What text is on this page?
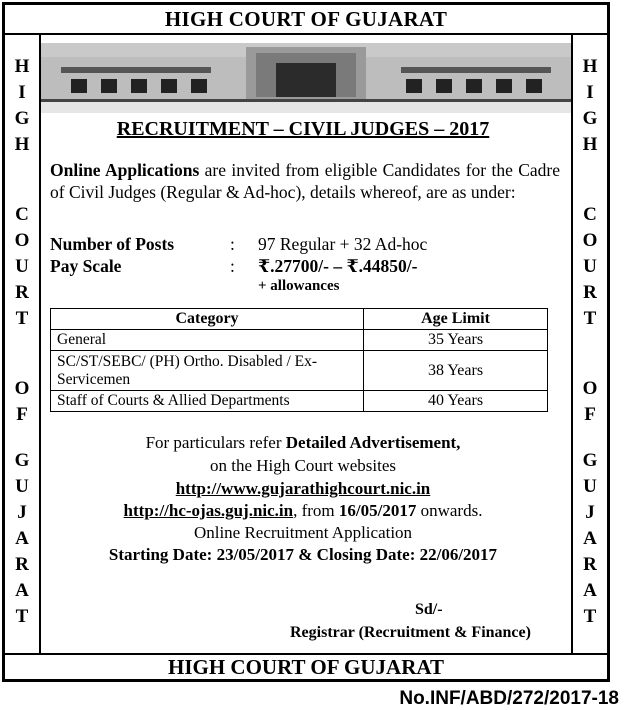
HIGH COURT OF GUJARAT
H
I
G
H
C
O
U
R
T
O
F
G
U
J
A
R
A
T
H
I
G
H
C
O
U
R
T
O
F
G
U
J
A
R
A
T
RECRUITMENT – CIVIL JUDGES – 2017
Online Applications are invited from eligible Candidates for the Cadre of Civil Judges (Regular & Ad-hoc), details whereof, are as under:
Number of Posts	: 97 Regular + 32 Ad-hoc
Pay Scale	: ₹.27700/- – ₹.44850/-
+ allowances
Category	Age Limit
General	35 Years
SC/ST/SEBC/ (PH) Ortho. Disabled / Ex-Servicemen	38 Years
Staff of Courts & Allied Departments	40 Years
For particulars refer Detailed Advertisement,
on the High Court websites
http://www.gujarathighcourt.nic.in
http://hc-ojas.guj.nic.in, from 16/05/2017 onwards.
Online Recruitment Application
Starting Date: 23/05/2017 & Closing Date: 22/06/2017
Sd/-
Registrar (Recruitment & Finance)
HIGH COURT OF GUJARAT
No.INF/ABD/272/2017-18
